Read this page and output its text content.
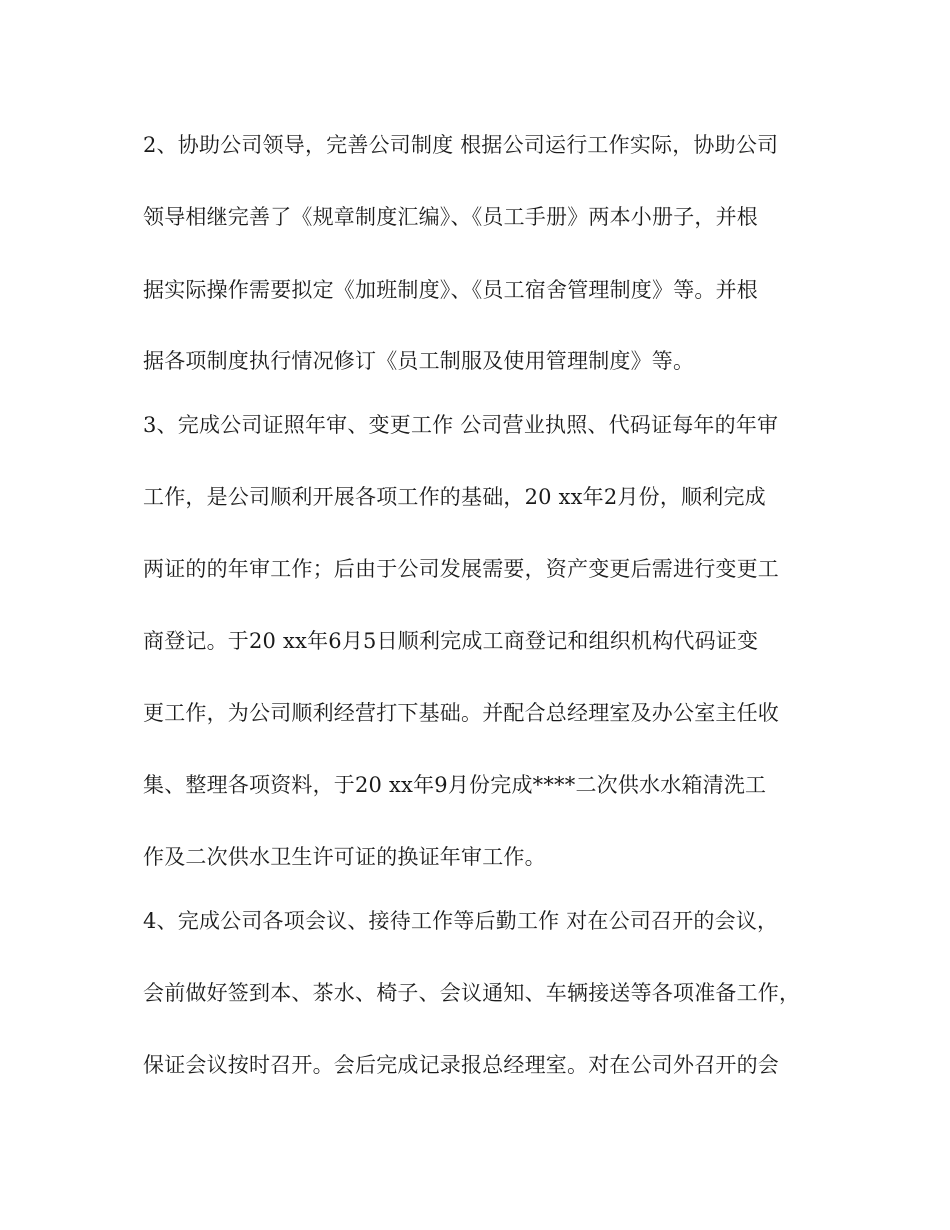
2、协助公司领导，完善公司制度 根据公司运行工作实际，协助公司

领导相继完善了《规章制度汇编》、《员工手册》两本小册子，并根

据实际操作需要拟定《加班制度》、《员工宿舍管理制度》等。并根

据各项制度执行情况修订《员工制服及使用管理制度》等。

3、完成公司证照年审、变更工作 公司营业执照、代码证每年的年审

工作，是公司顺利开展各项工作的基础，20 xx年2月份，顺利完成

两证的的年审工作；后由于公司发展需要，资产变更后需进行变更工

商登记。于20 xx年6月5日顺利完成工商登记和组织机构代码证变

更工作，为公司顺利经营打下基础。并配合总经理室及办公室主任收

集、整理各项资料，于20 xx年9月份完成****二次供水水箱清洗工

作及二次供水卫生许可证的换证年审工作。

4、完成公司各项会议、接待工作等后勤工作 对在公司召开的会议，

会前做好签到本、茶水、椅子、会议通知、车辆接送等各项准备工作，

保证会议按时召开。会后完成记录报总经理室。对在公司外召开的会
